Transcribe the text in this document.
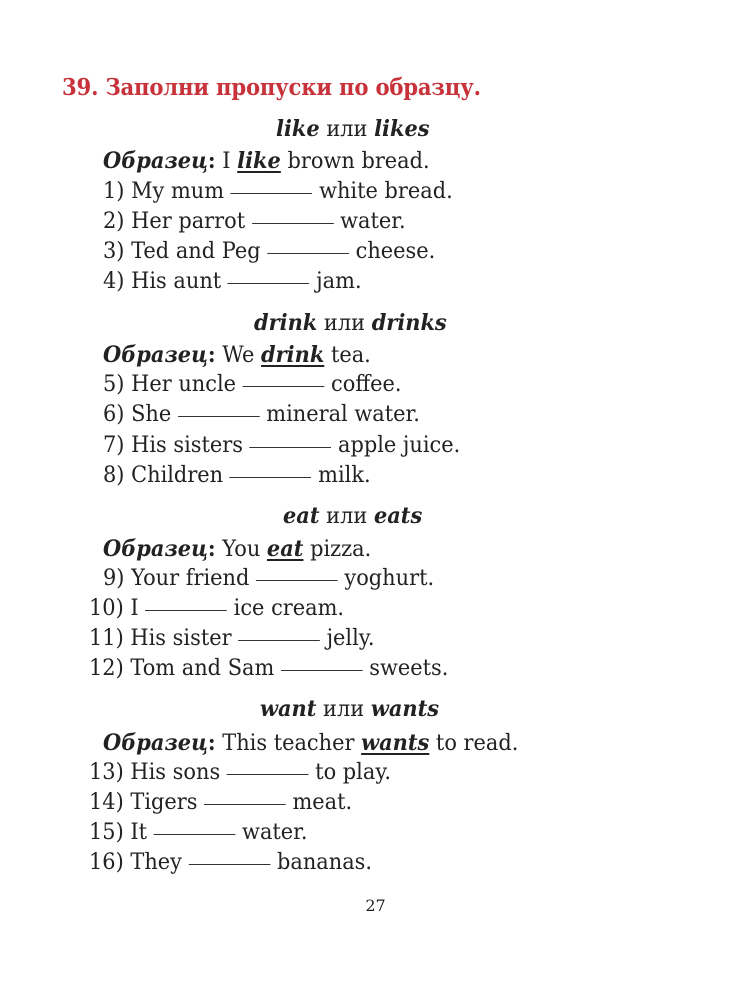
39. Заполни пропуски по образцу.
like или likes
Образец: I like brown bread.
1) My mum	white bread.
2) Her parrot	water.
3) Ted and Peg	cheese.
4) His aunt	jam.
drink или drinks
Образец: We drink tea.
5) Her uncle	coffee.
6) She	mineral water.
7) His sisters	apple juice.
8) Children	milk.
eat или eats
Образец: You eat pizza.
9) Your friend	yoghurt.
10) I	ice cream.
11) His sister	jelly.
12) Tom and Sam	sweets.
want или wants
Образец: This teacher wants to read.
13) His sons	to play.
14) Tigers	meat.
15) It	water.
16) They	bananas.
27
